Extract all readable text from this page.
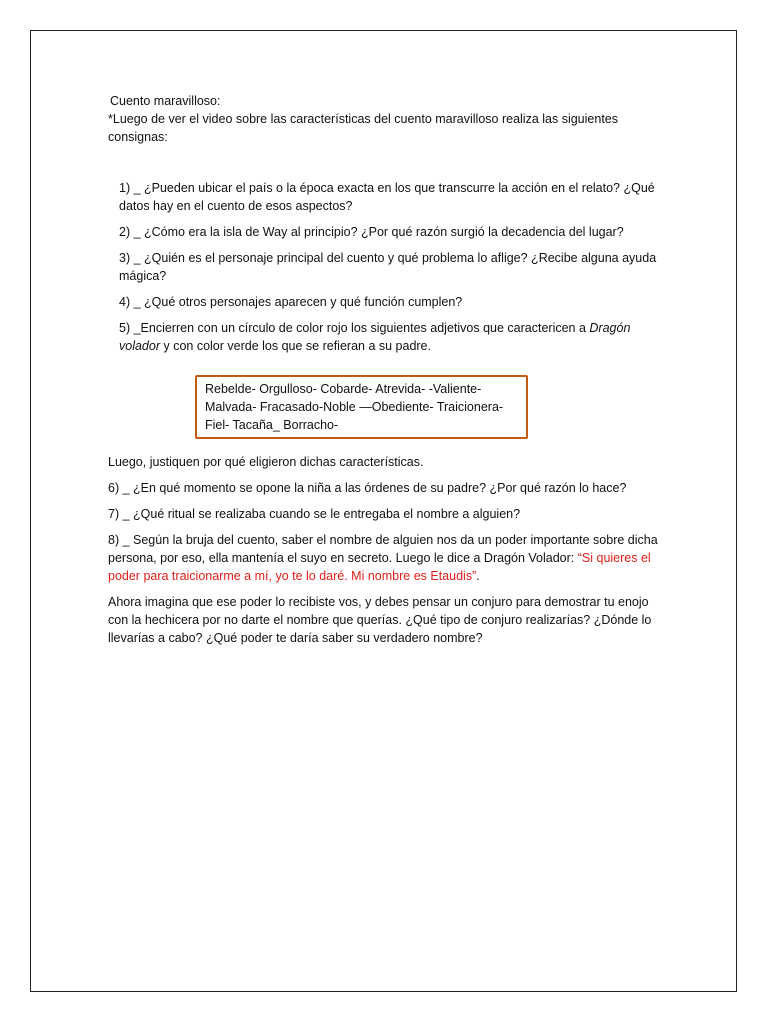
Cuento maravilloso:

*Luego de ver el video sobre las características del cuento maravilloso realiza las siguientes consignas:

1) _ ¿Pueden ubicar el país o la época exacta en los que transcurre la acción en el relato? ¿Qué datos hay en el cuento de esos aspectos?

2) _ ¿Cómo era la isla de Way al principio? ¿Por qué razón surgió la decadencia del lugar?

3) _ ¿Quién es el personaje principal del cuento y qué problema lo aflige? ¿Recibe alguna ayuda mágica?

4) _ ¿Qué otros personajes aparecen y qué función cumplen?

5) _Encierren con un círculo de color rojo los siguientes adjetivos que caractericen a Dragón volador y con color verde los que se refieran a su padre.

Rebelde- Orgulloso- Cobarde- Atrevida- -Valiente-
Malvada- Fracasado-Noble —Obediente- Traicionera-
Fiel- Tacaña_ Borracho-

Luego, justiquen por qué eligieron dichas características.

6) _ ¿En qué momento se opone la niña a las órdenes de su padre? ¿Por qué razón lo hace?

7) _ ¿Qué ritual se realizaba cuando se le entregaba el nombre a alguien?

8) _ Según la bruja del cuento, saber el nombre de alguien nos da un poder importante sobre dicha persona, por eso, ella mantenía el suyo en secreto. Luego le dice a Dragón Volador: “Si quieres el poder para traicionarme a mí, yo te lo daré. Mi nombre es Etaudis”.

Ahora imagina que ese poder lo recibiste vos, y debes pensar un conjuro para demostrar tu enojo con la hechicera por no darte el nombre que querías. ¿Qué tipo de conjuro realizarías? ¿Dónde lo llevarías a cabo? ¿Qué poder te daría saber su verdadero nombre?
